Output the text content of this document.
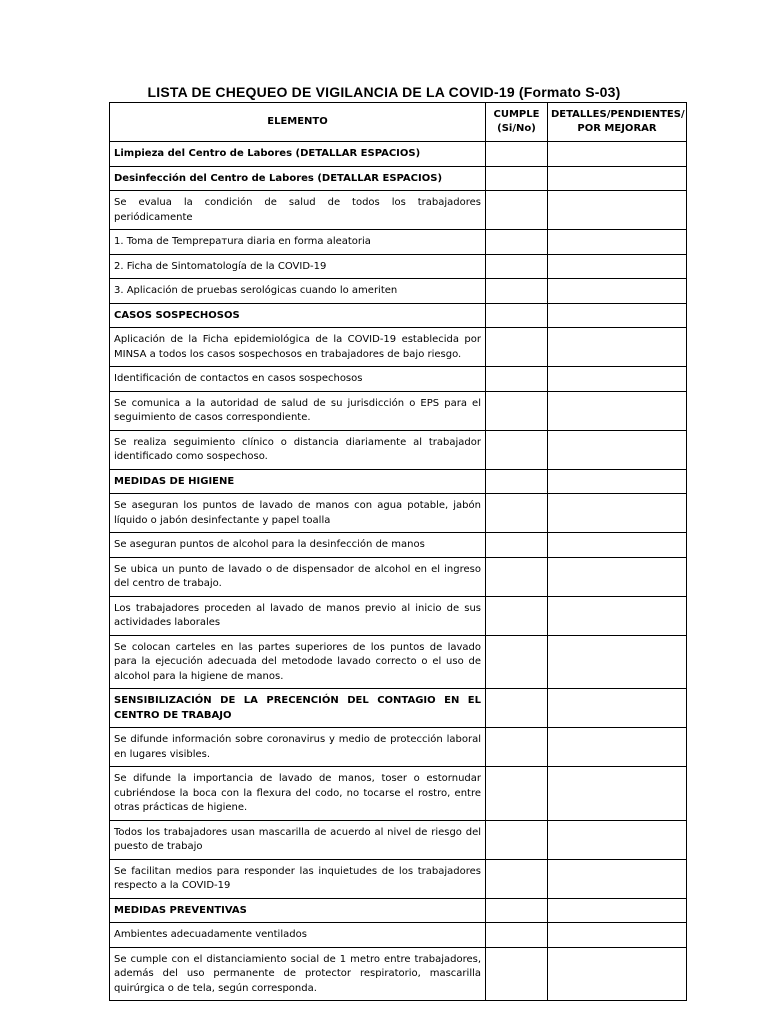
LISTA DE CHEQUEO DE VIGILANCIA DE LA COVID-19 (Formato S-03)
ELEMENTO	CUMPLE (Si/No)	DETALLES/PENDIENTES/ POR MEJORAR
Limpieza del Centro de Labores (DETALLAR ESPACIOS)		
Desinfección del Centro de Labores (DETALLAR ESPACIOS)		
Se evalua la condición de salud de todos los trabajadores periódicamente		
1. Toma de Temprератura diaria en forma aleatoria		
2. Ficha de Sintomatología de la COVID-19		
3. Aplicación de pruebas serológicas cuando lo ameriten		
CASOS SOSPECHOSOS		
Aplicación de la Ficha epidemiológica de la COVID-19 establecida por MINSA a todos los casos sospechosos en trabajadores de bajo riesgo.		
Identificación de contactos en casos sospechosos		
Se comunica a la autoridad de salud de su jurisdicción o EPS para el seguimiento de casos correspondiente.		
Se realiza seguimiento clínico o distancia diariamente al trabajador identificado como sospechoso.		
MEDIDAS DE HIGIENE		
Se aseguran los puntos de lavado de manos con agua potable, jabón líquido o jabón desinfectante y papel toalla		
Se aseguran puntos de alcohol para la desinfección de manos		
Se ubica un punto de lavado o de dispensador de alcohol en el ingreso del centro de trabajo.		
Los trabajadores proceden al lavado de manos previo al inicio de sus actividades laborales		
Se colocan carteles en las partes superiores de los puntos de lavado para la ejecución adecuada del metodode lavado correcto o el uso de alcohol para la higiene de manos.		
SENSIBILIZACIÓN DE LA PRECENCIÓN DEL CONTAGIO EN EL CENTRO DE TRABAJO		
Se difunde información sobre coronavirus y medio de protección laboral en lugares visibles.		
Se difunde la importancia de lavado de manos, toser o estornudar cubriéndose la boca con la flexura del codo, no tocarse el rostro, entre otras prácticas de higiene.		
Todos los trabajadores usan mascarilla de acuerdo al nivel de riesgo del puesto de trabajo		
Se facilitan medios para responder las inquietudes de los trabajadores respecto a la COVID-19		
MEDIDAS PREVENTIVAS		
Ambientes adecuadamente ventilados		
Se cumple con el distanciamiento social de 1 metro entre trabajadores, además del uso permanente de protector respiratorio, mascarilla quirúrgica o de tela, según corresponda.		
